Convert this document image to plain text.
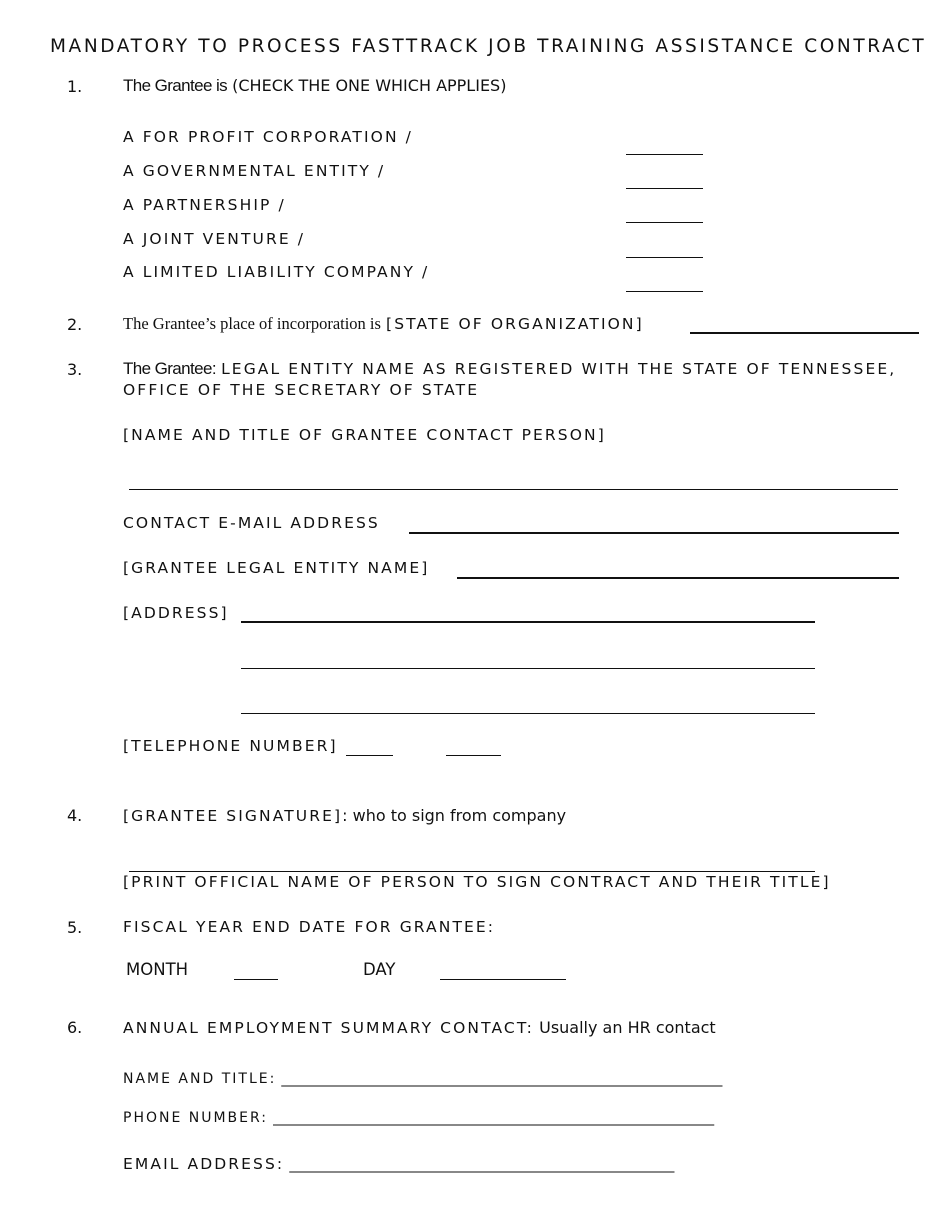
MANDATORY TO PROCESS FASTTRACK JOB TRAINING ASSISTANCE CONTRACT
1. The Grantee is (CHECK THE ONE WHICH APPLIES)
A FOR PROFIT CORPORATION /
A GOVERNMENTAL ENTITY /
A PARTNERSHIP /
A JOINT VENTURE /
A LIMITED LIABILITY COMPANY /
2. The Grantee’s place of incorporation is [STATE OF ORGANIZATION]
3. The Grantee: LEGAL ENTITY NAME AS REGISTERED WITH THE STATE OF TENNESSEE,
OFFICE OF THE SECRETARY OF STATE
[NAME AND TITLE OF GRANTEE CONTACT PERSON]
CONTACT E-MAIL ADDRESS
[GRANTEE LEGAL ENTITY NAME]
[ADDRESS]
[TELEPHONE NUMBER]
4.	[GRANTEE SIGNATURE]: who to sign from company
[PRINT OFFICIAL NAME OF PERSON TO SIGN CONTRACT AND THEIR TITLE]
5.	FISCAL YEAR END DATE FOR GRANTEE:
MONTH	DAY
6.	ANNUAL EMPLOYMENT SUMMARY CONTACT: Usually an HR contact
NAME AND TITLE: _______________________________________________________________
PHONE NUMBER: _______________________________________________________________
EMAIL ADDRESS: _______________________________________________________
